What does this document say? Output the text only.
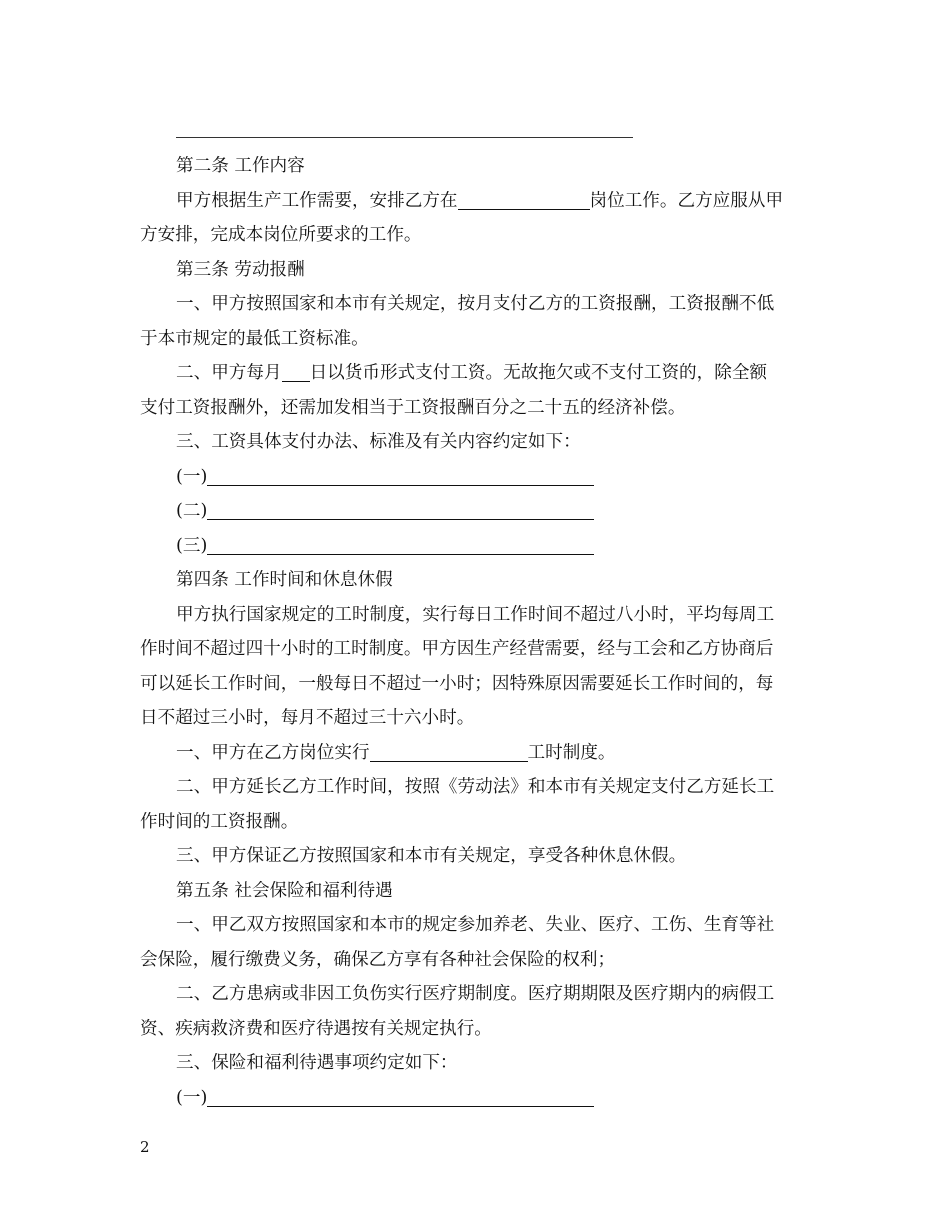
第二条 工作内容
甲方根据生产工作需要，安排乙方在	岗位工作。乙方应服从甲
方安排，完成本岗位所要求的工作。
第三条 劳动报酬
一、甲方按照国家和本市有关规定，按月支付乙方的工资报酬，工资报酬不低
于本市规定的最低工资标准。
二、甲方每月 日以货币形式支付工资。无故拖欠或不支付工资的，除全额
支付工资报酬外，还需加发相当于工资报酬百分之二十五的经济补偿。
三、工资具体支付办法、标准及有关内容约定如下：
(一)
(二)
(三)
第四条 工作时间和休息休假
甲方执行国家规定的工时制度，实行每日工作时间不超过八小时，平均每周工
作时间不超过四十小时的工时制度。甲方因生产经营需要，经与工会和乙方协商后
可以延长工作时间，一般每日不超过一小时；因特殊原因需要延长工作时间的，每
日不超过三小时，每月不超过三十六小时。
一、甲方在乙方岗位实行	工时制度。
二、甲方延长乙方工作时间，按照《劳动法》和本市有关规定支付乙方延长工
作时间的工资报酬。
三、甲方保证乙方按照国家和本市有关规定，享受各种休息休假。
第五条 社会保险和福利待遇
一、甲乙双方按照国家和本市的规定参加养老、失业、医疗、工伤、生育等社
会保险，履行缴费义务，确保乙方享有各种社会保险的权利；
二、乙方患病或非因工负伤实行医疗期制度。医疗期期限及医疗期内的病假工
资、疾病救济费和医疗待遇按有关规定执行。
三、保险和福利待遇事项约定如下：
(一)
2
